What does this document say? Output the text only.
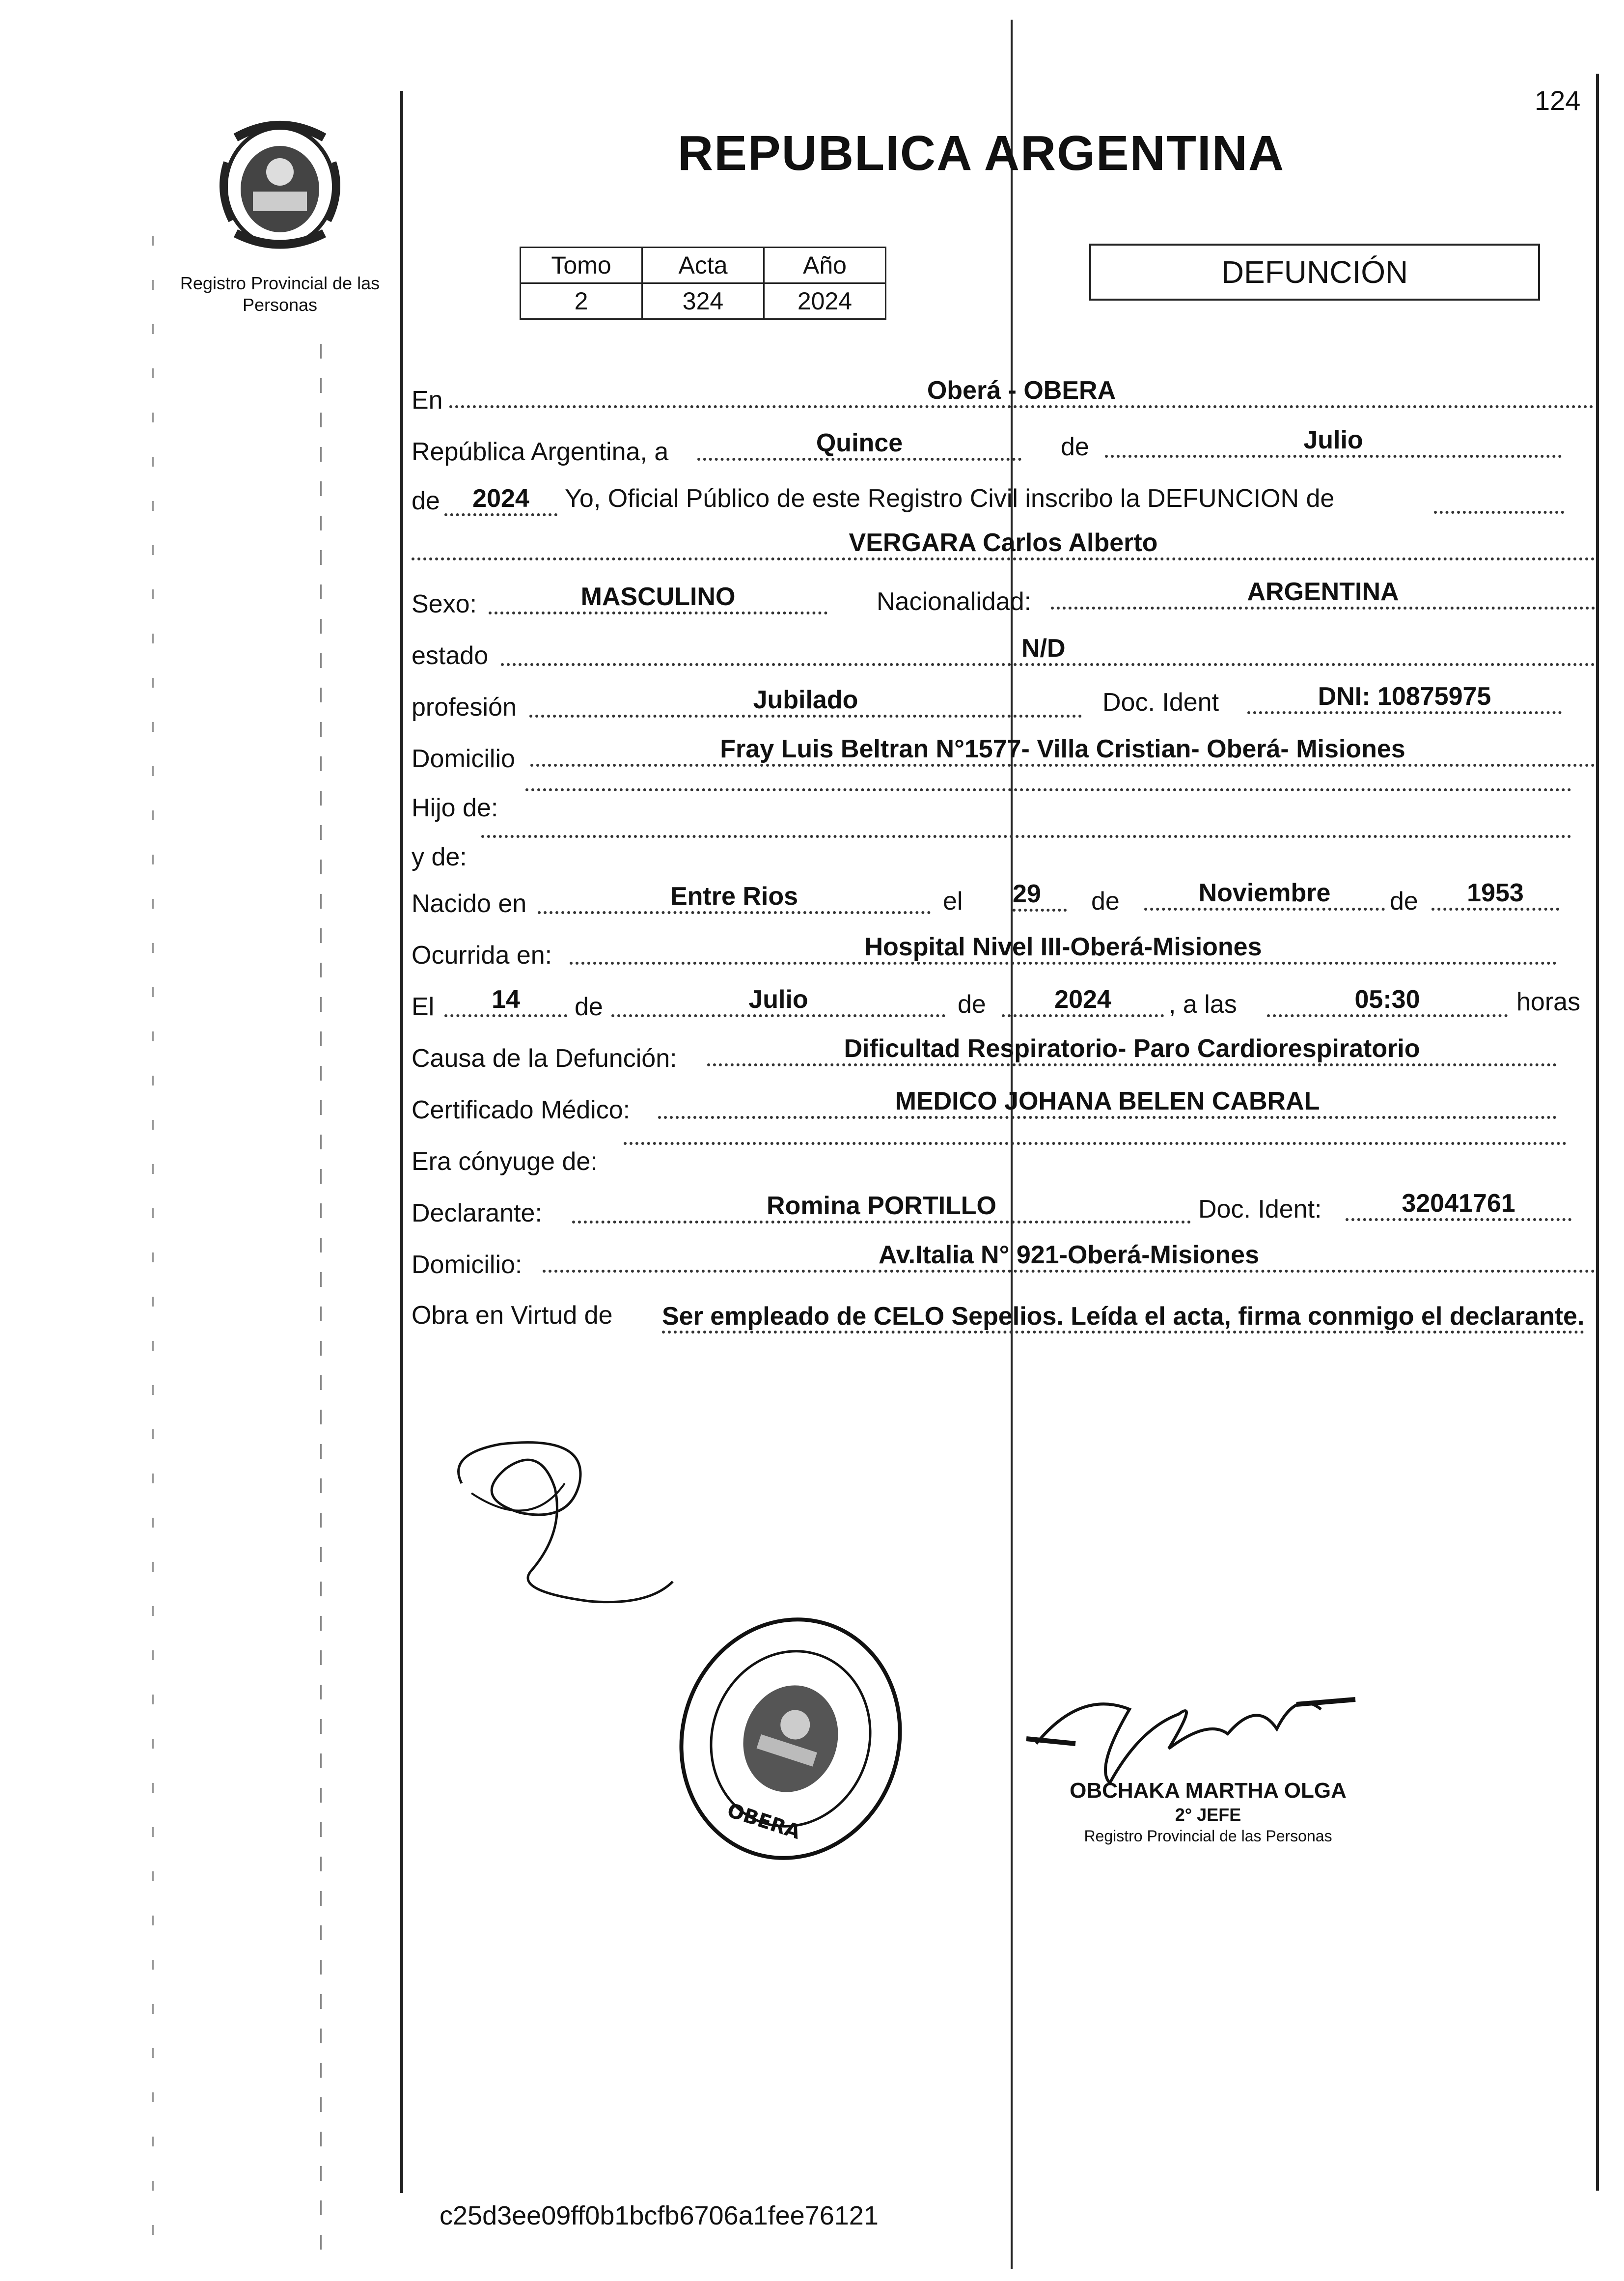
124
Registro Provincial de las Personas
REPUBLICA ARGENTINA
Tomo	Acta	Año
2	324	2024
DEFUNCIÓN
En	Oberá - OBERA
República Argentina, a	Quince	de	Julio
de	2024	Yo, Oficial Público de este Registro Civil inscribo la DEFUNCION de
VERGARA Carlos Alberto
Sexo:	MASCULINO	Nacionalidad:	ARGENTINA
estado	N/D
profesión	Jubilado	Doc. Ident	DNI: 10875975
Domicilio	Fray Luis Beltran N°1577- Villa Cristian- Oberá- Misiones
Hijo de:
y de:
Nacido en	Entre Rios	el 29	de	Noviembre	de	1953
Ocurrida en:	Hospital Nivel III-Oberá-Misiones
El	14	de	Julio	de	2024	, a las	05:30	horas
Causa de la Defunción:	Dificultad Respiratorio- Paro Cardiorespiratorio
Certificado Médico:	MEDICO JOHANA BELEN CABRAL
Era cónyuge de:
Declarante:	Romina PORTILLO	Doc. Ident:	32041761
Domicilio:	Av.Italia N° 921-Oberá-Misiones
Obra en Virtud de	Ser empleado de CELO Sepelios. Leída el acta, firma conmigo el declarante.
OBERA
OBCHAKA MARTHA OLGA
2° JEFE
Registro Provincial de las Personas
c25d3ee09ff0b1bcfb6706a1fee76121
